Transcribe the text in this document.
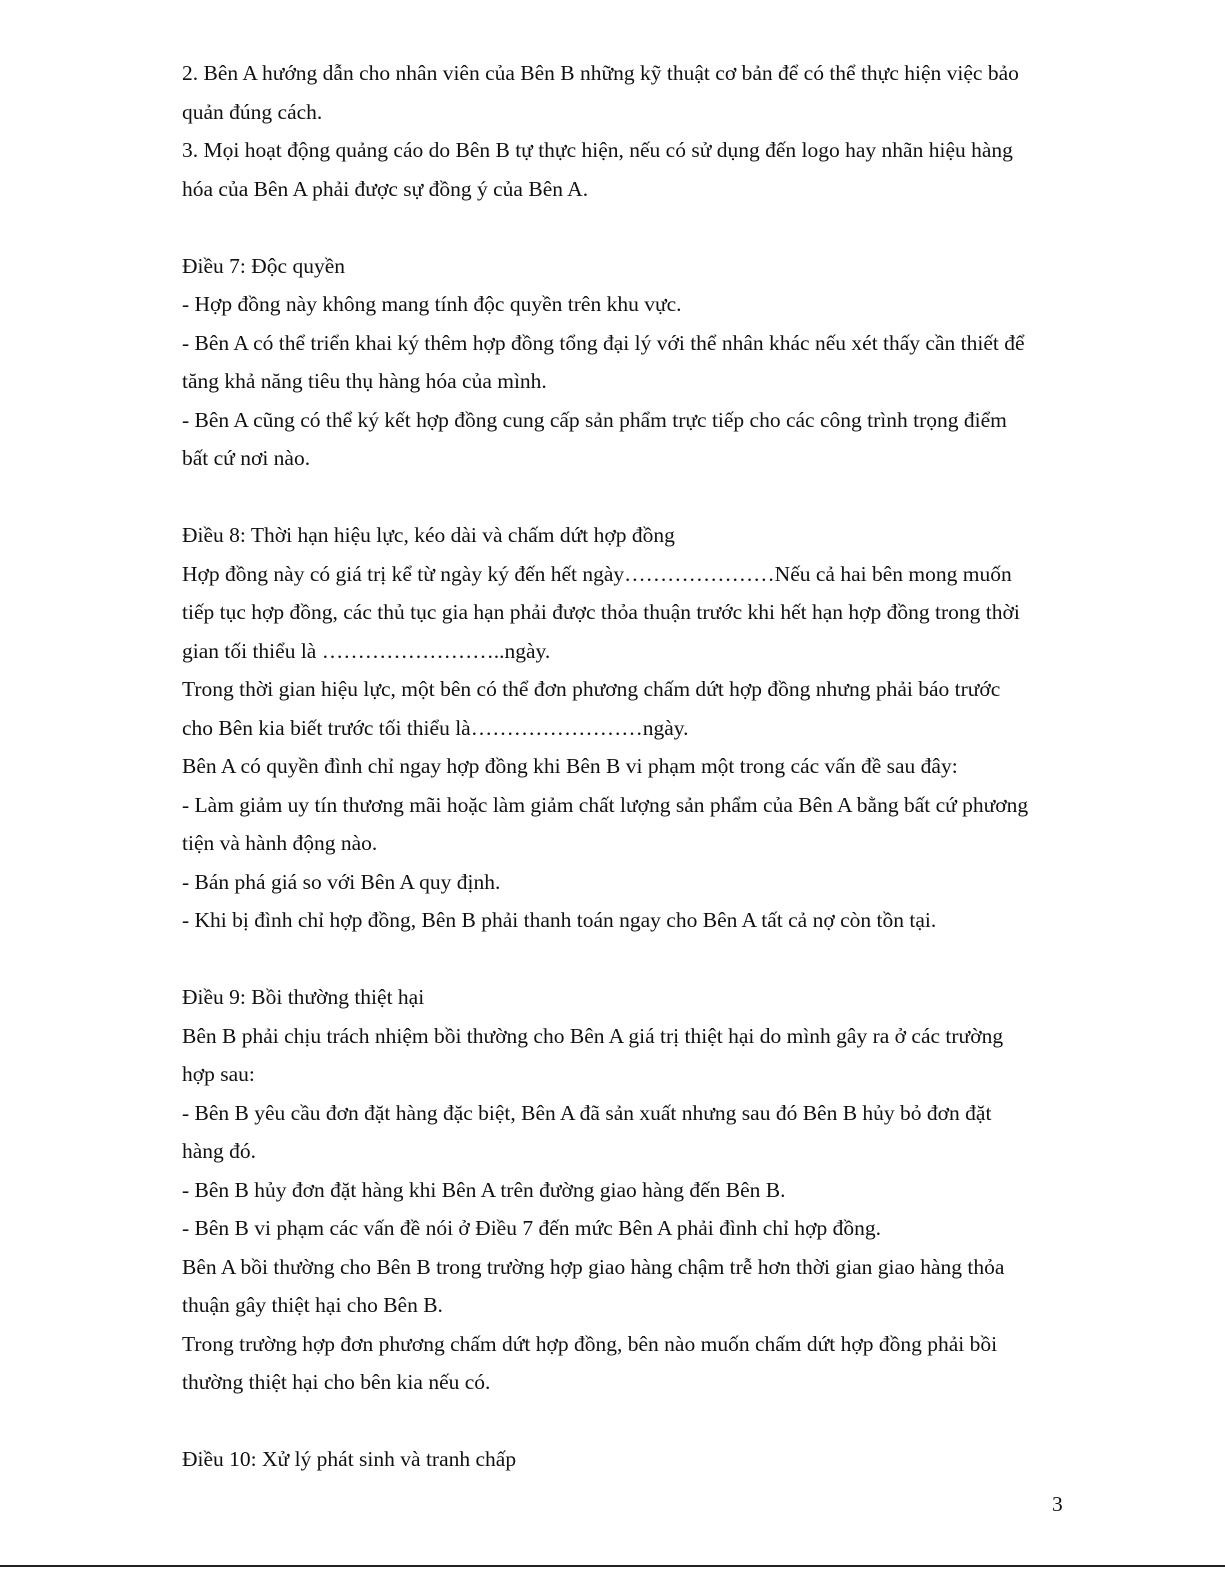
2. Bên A hướng dẫn cho nhân viên của Bên B những kỹ thuật cơ bản để có thể thực hiện việc bảo
quản đúng cách.
3. Mọi hoạt động quảng cáo do Bên B tự thực hiện, nếu có sử dụng đến logo hay nhãn hiệu hàng
hóa của Bên A phải được sự đồng ý của Bên A.
Điều 7: Độc quyền
- Hợp đồng này không mang tính độc quyền trên khu vực.
- Bên A có thể triển khai ký thêm hợp đồng tổng đại lý với thể nhân khác nếu xét thấy cần thiết để
tăng khả năng tiêu thụ hàng hóa của mình.
- Bên A cũng có thể ký kết hợp đồng cung cấp sản phẩm trực tiếp cho các công trình trọng điểm
bất cứ nơi nào.
Điều 8: Thời hạn hiệu lực, kéo dài và chấm dứt hợp đồng
Hợp đồng này có giá trị kể từ ngày ký đến hết ngày…………………Nếu cả hai bên mong muốn
tiếp tục hợp đồng, các thủ tục gia hạn phải được thỏa thuận trước khi hết hạn hợp đồng trong thời
gian tối thiểu là ……………………..ngày.
Trong thời gian hiệu lực, một bên có thể đơn phương chấm dứt hợp đồng nhưng phải báo trước
cho Bên kia biết trước tối thiểu là……………………ngày.
Bên A có quyền đình chỉ ngay hợp đồng khi Bên B vi phạm một trong các vấn đề sau đây:
- Làm giảm uy tín thương mãi hoặc làm giảm chất lượng sản phẩm của Bên A bằng bất cứ phương
tiện và hành động nào.
- Bán phá giá so với Bên A quy định.
- Khi bị đình chỉ hợp đồng, Bên B phải thanh toán ngay cho Bên A tất cả nợ còn tồn tại.
Điều 9: Bồi thường thiệt hại
Bên B phải chịu trách nhiệm bồi thường cho Bên A giá trị thiệt hại do mình gây ra ở các trường
hợp sau:
- Bên B yêu cầu đơn đặt hàng đặc biệt, Bên A đã sản xuất nhưng sau đó Bên B hủy bỏ đơn đặt
hàng đó.
- Bên B hủy đơn đặt hàng khi Bên A trên đường giao hàng đến Bên B.
- Bên B vi phạm các vấn đề nói ở Điều 7 đến mức Bên A phải đình chỉ hợp đồng.
Bên A bồi thường cho Bên B trong trường hợp giao hàng chậm trễ hơn thời gian giao hàng thỏa
thuận gây thiệt hại cho Bên B.
Trong trường hợp đơn phương chấm dứt hợp đồng, bên nào muốn chấm dứt hợp đồng phải bồi
thường thiệt hại cho bên kia nếu có.
Điều 10: Xử lý phát sinh và tranh chấp
3
